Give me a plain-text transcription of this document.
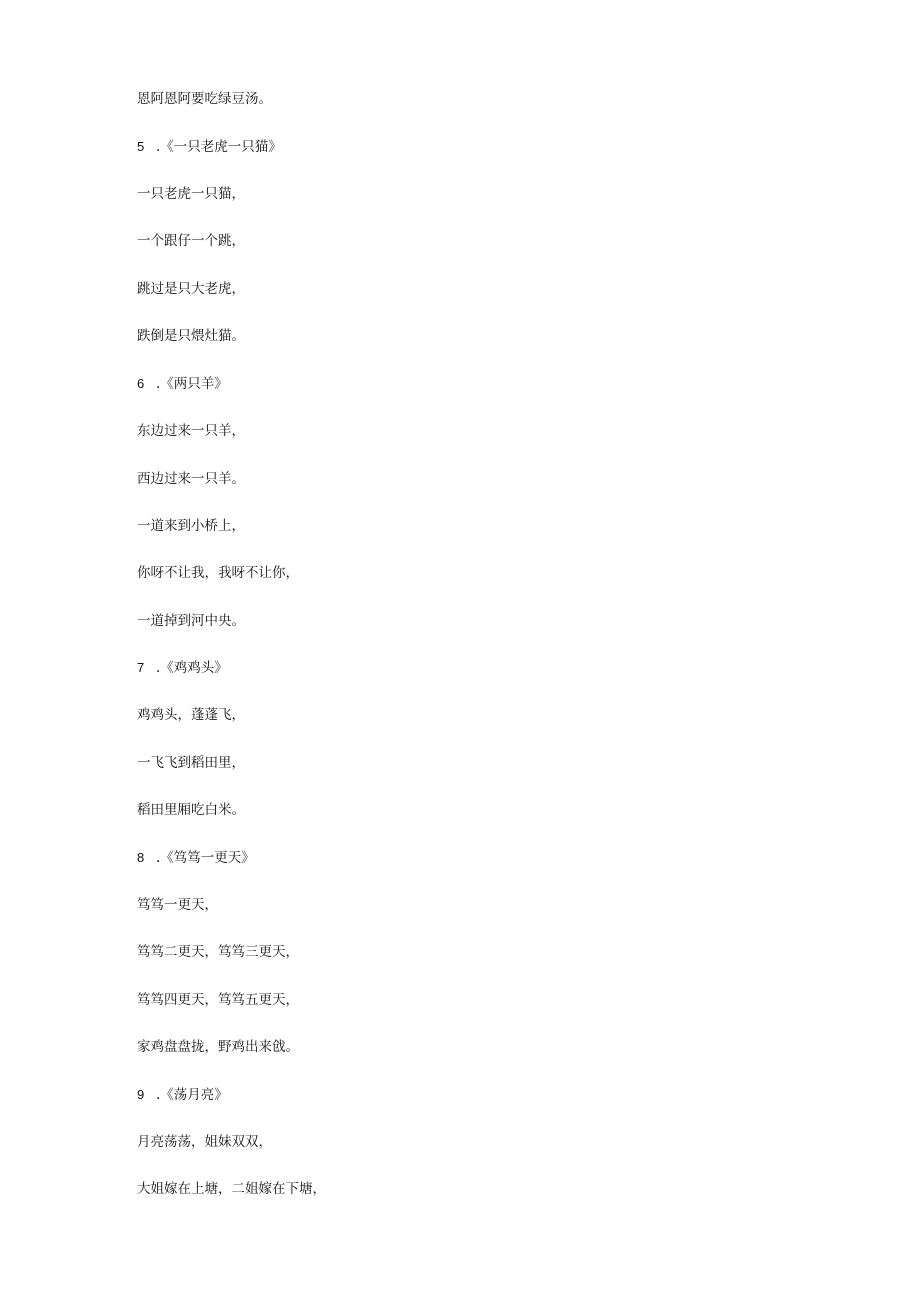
恩阿恩阿要吃绿豆汤。
5 .《一只老虎一只猫》
一只老虎一只猫，
一个跟仔一个跳，
跳过是只大老虎，
跌倒是只煨灶猫。
6 .《两只羊》
东边过来一只羊，
西边过来一只羊。
一道来到小桥上，
你呀不让我，我呀不让你，
一道掉到河中央。
7 .《鸡鸡头》
鸡鸡头，蓬蓬飞，
一飞飞到稻田里，
稻田里厢吃白米。
8 .《笃笃一更天》
笃笃一更天，
笃笃二更天，笃笃三更天，
笃笃四更天，笃笃五更天，
家鸡盘盘拢，野鸡出来戗。
9 .《荡月亮》
月亮荡荡，姐妹双双，
大姐嫁在上塘，二姐嫁在下塘，
